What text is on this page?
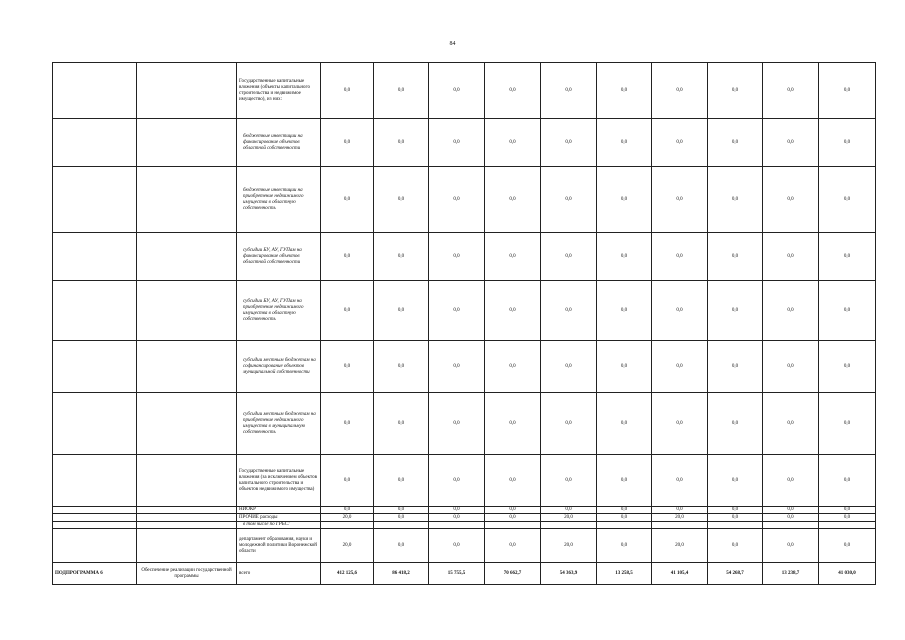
84
		Государственные капитальные вложения (объекты капитального строительства и недвижимое имущество), из них:	0,0	0,0	0,0	0,0	0,0	0,0	0,0	0,0	0,0	0,0
		бюджетные инвестиции на финансирование объектов областной собственности	0,0	0,0	0,0	0,0	0,0	0,0	0,0	0,0	0,0	0,0
		бюджетные инвестиции на приобретение недвижимого имущества в областную собственность	0,0	0,0	0,0	0,0	0,0	0,0	0,0	0,0	0,0	0,0
		субсидии БУ, АУ, ГУПам на финансирование объектов областной собственности	0,0	0,0	0,0	0,0	0,0	0,0	0,0	0,0	0,0	0,0
		субсидии БУ, АУ, ГУПам на приобретение недвижимого имущества в областную собственность	0,0	0,0	0,0	0,0	0,0	0,0	0,0	0,0	0,0	0,0
		субсидии местным бюджетам на софинансирование объектов муниципальной собственности	0,0	0,0	0,0	0,0	0,0	0,0	0,0	0,0	0,0	0,0
		субсидии местным бюджетам на приобретение недвижимого имущества в муниципальную собственность	0,0	0,0	0,0	0,0	0,0	0,0	0,0	0,0	0,0	0,0
		Государственные капитальные вложения (за исключением объектов капитального строительства и объектов недвижимого имущества)	0,0	0,0	0,0	0,0	0,0	0,0	0,0	0,0	0,0	0,0
		НИОКР	0,0	0,0	0,0	0,0	0,0	0,0	0,0	0,0	0,0	0,0
		ПРОЧИЕ расходы	20,0	0,0	0,0	0,0	20,0	0,0	20,0	0,0	0,0	0,0
		в том числе по ГРБС:										
		департамент образования, науки и молодежной политики Воронежской области	20,0	0,0	0,0	0,0	20,0	0,0	20,0	0,0	0,0	0,0
ПОДПРОГРАММА 6	Обеспечение реализации государственной программы	всего	412 125,6	86 418,2	15 755,5	70 662,7	54 363,9	13 258,5	41 105,4	54 268,7	13 238,7	41 030,0
